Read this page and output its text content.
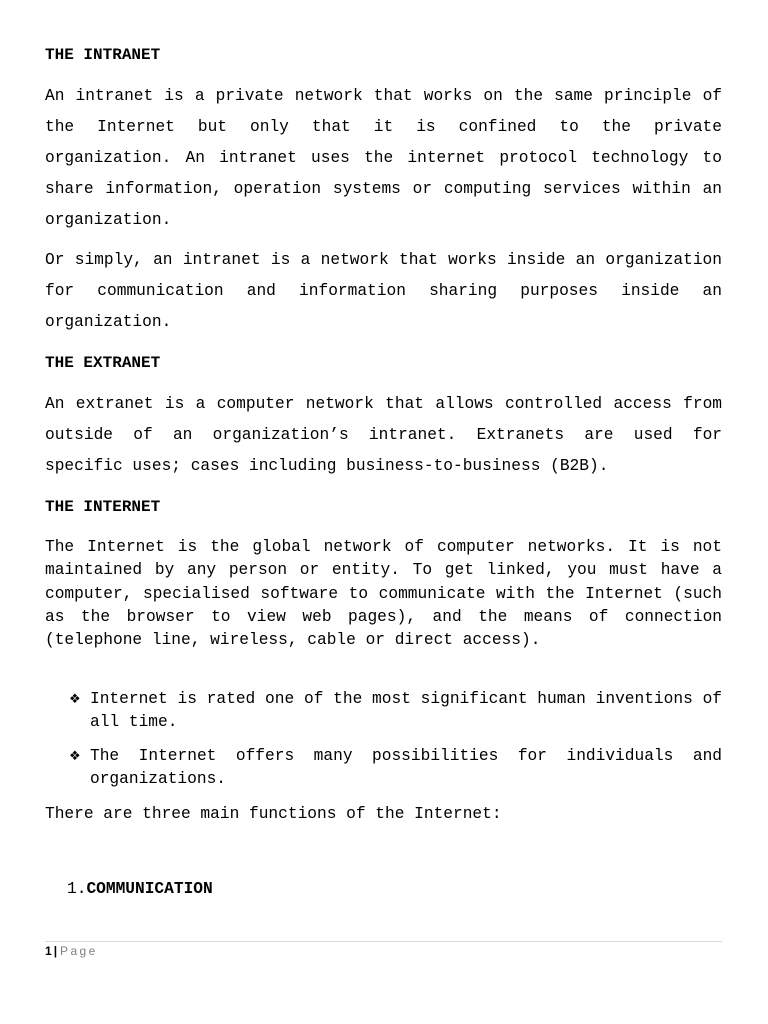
THE INTRANET

An intranet is a private network that works on the same principle of the Internet but only that it is confined to the private organization. An intranet uses the internet protocol technology to share information, operation systems or computing services within an organization.

Or simply, an intranet is a network that works inside an organization for communication and information sharing purposes inside an organization.

THE EXTRANET

An extranet is a computer network that allows controlled access from outside of an organization’s intranet. Extranets are used for specific uses; cases including business-to-business (B2B).

THE INTERNET

The Internet is the global network of computer networks. It is not maintained by any person or entity. To get linked, you must have a computer, specialised software to communicate with the Internet (such as the browser to view web pages), and the means of connection (telephone line, wireless, cable or direct access).

❖ Internet is rated one of the most significant human inventions of all time.
❖ The Internet offers many possibilities for individuals and organizations.

There are three main functions of the Internet:

1.COMMUNICATION
1 | Page
